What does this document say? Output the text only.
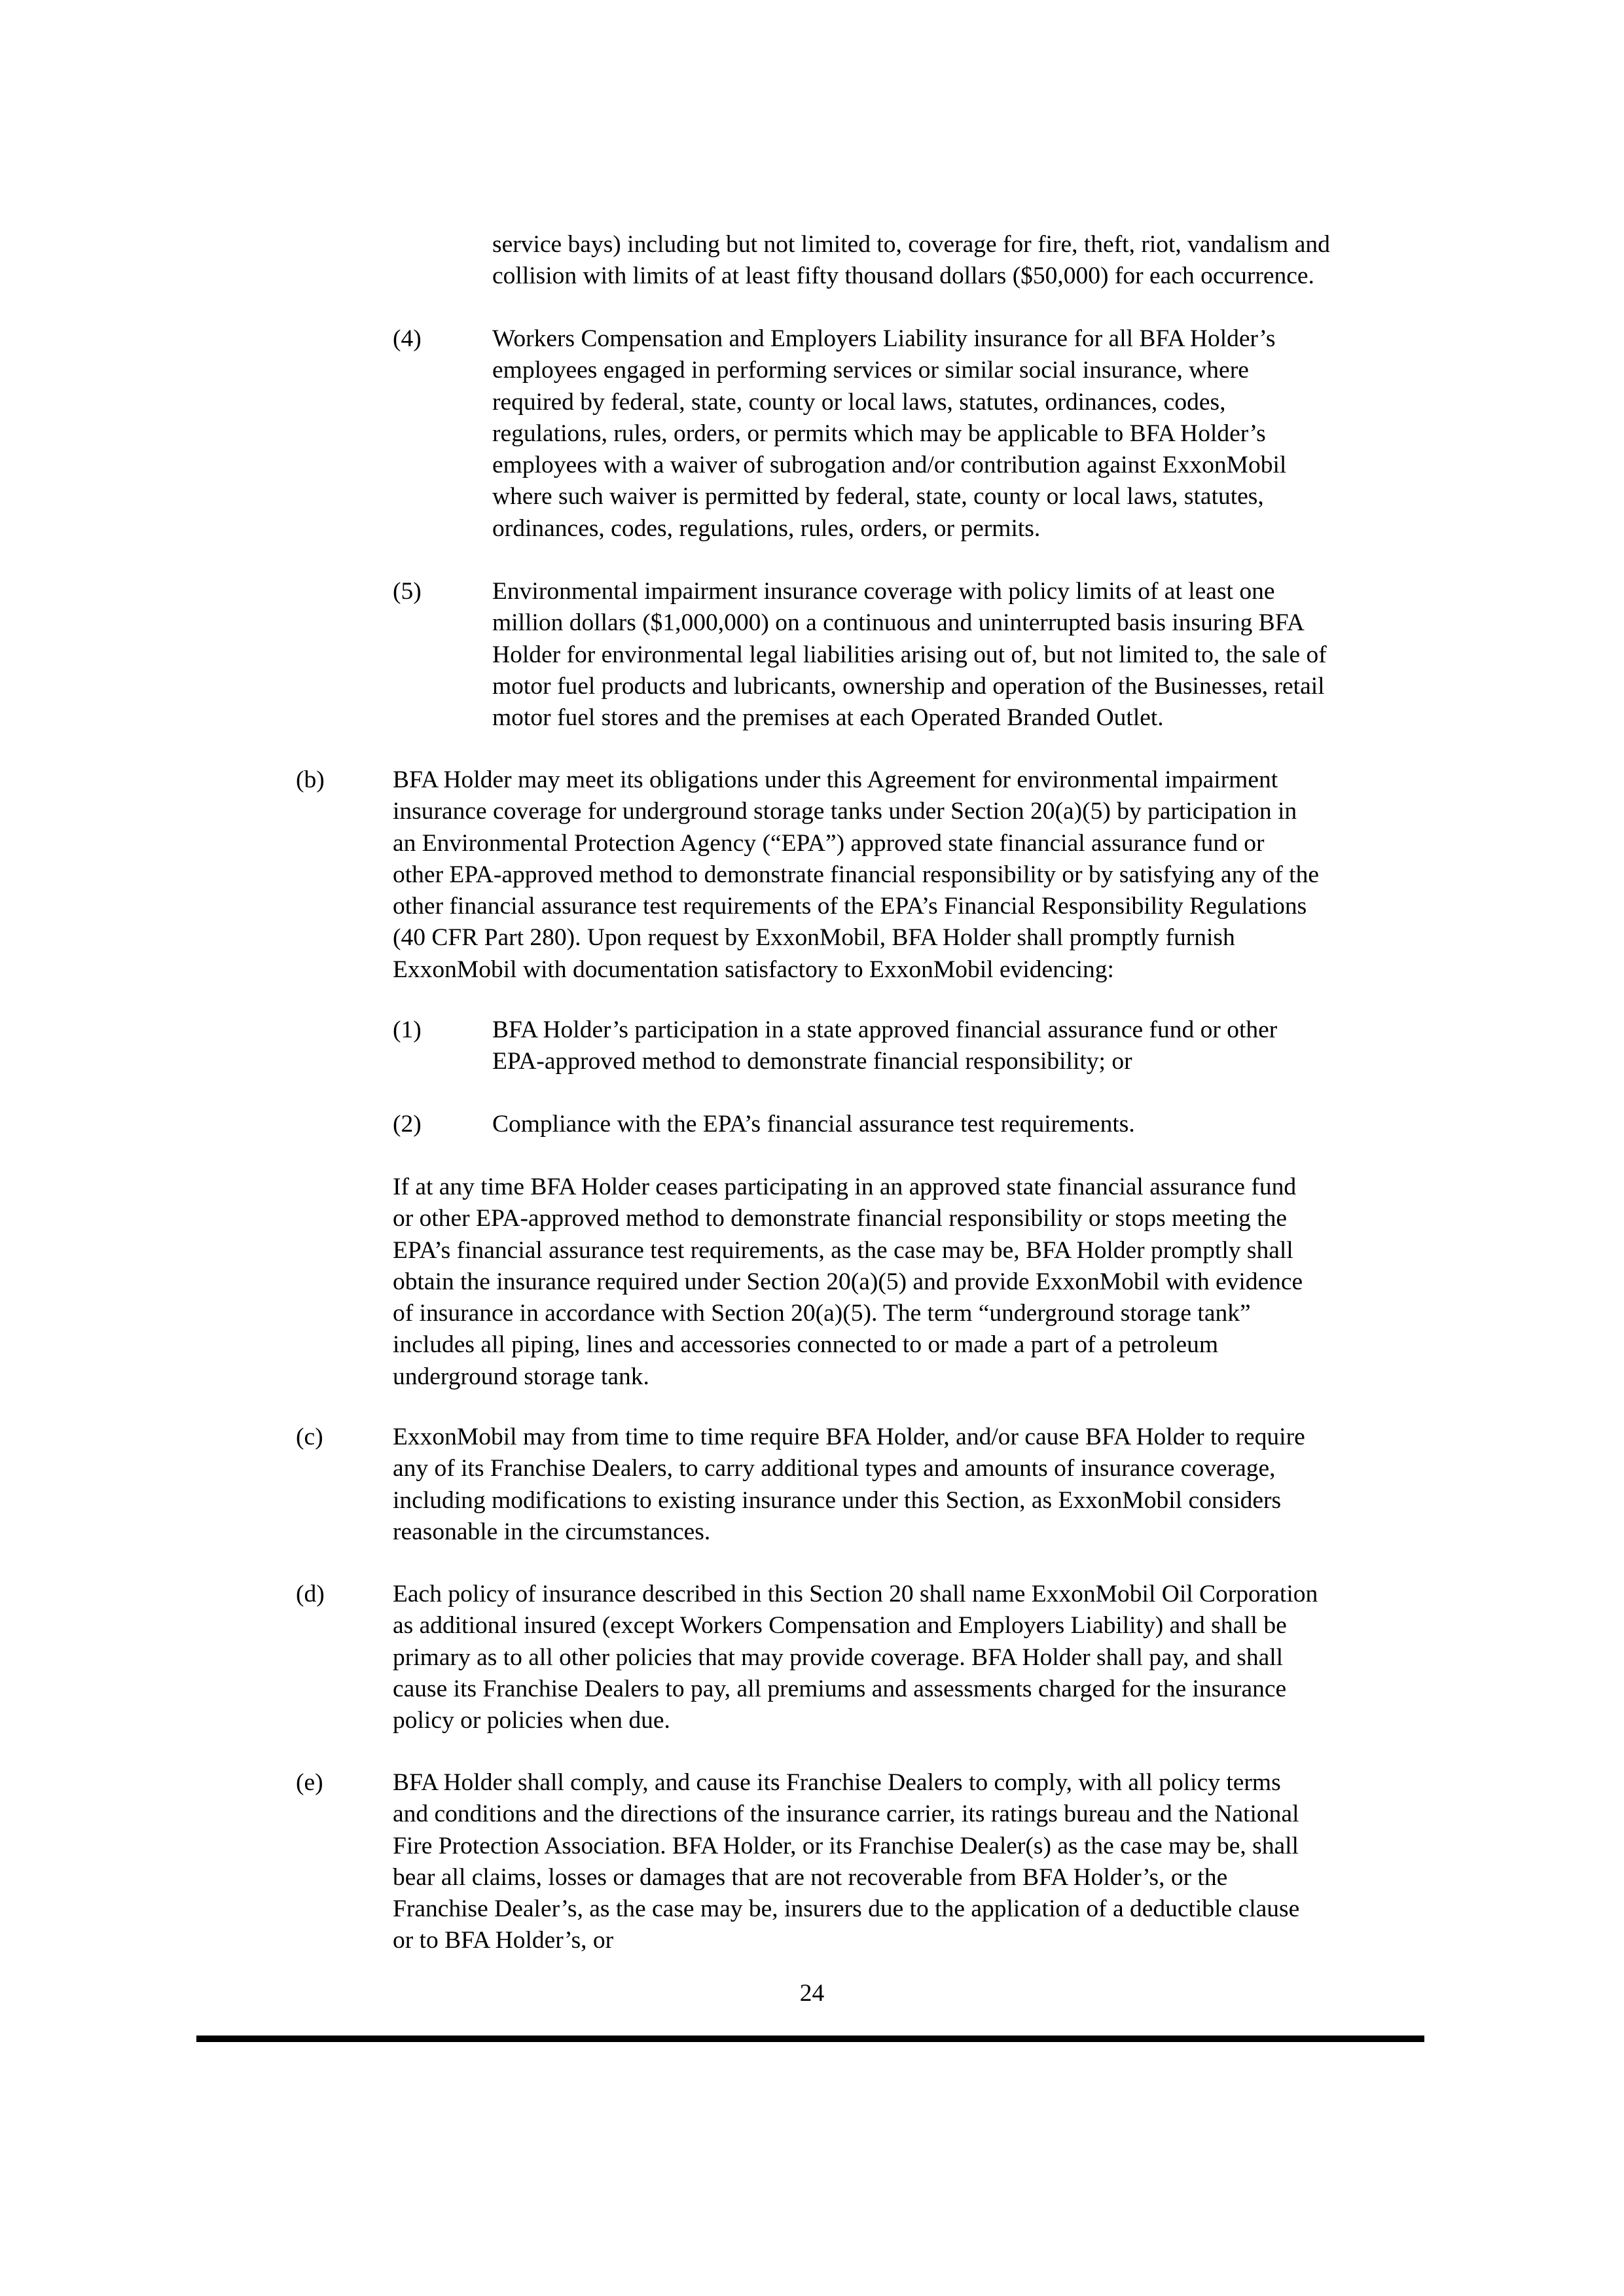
service bays) including but not limited to, coverage for fire, theft, riot, vandalism and
collision with limits of at least fifty thousand dollars ($50,000) for each occurrence.
(4)	Workers Compensation and Employers Liability insurance for all BFA Holder’s
employees engaged in performing services or similar social insurance, where
required by federal, state, county or local laws, statutes, ordinances, codes,
regulations, rules, orders, or permits which may be applicable to BFA Holder’s
employees with a waiver of subrogation and/or contribution against ExxonMobil
where such waiver is permitted by federal, state, county or local laws, statutes,
ordinances, codes, regulations, rules, orders, or permits.
(5)	Environmental impairment insurance coverage with policy limits of at least one
million dollars ($1,000,000) on a continuous and uninterrupted basis insuring BFA
Holder for environmental legal liabilities arising out of, but not limited to, the sale of
motor fuel products and lubricants, ownership and operation of the Businesses, retail
motor fuel stores and the premises at each Operated Branded Outlet.
(b)	BFA Holder may meet its obligations under this Agreement for environmental impairment
insurance coverage for underground storage tanks under Section 20(a)(5) by participation in
an Environmental Protection Agency (“EPA”) approved state financial assurance fund or
other EPA-approved method to demonstrate financial responsibility or by satisfying any of the
other financial assurance test requirements of the EPA’s Financial Responsibility Regulations
(40 CFR Part 280). Upon request by ExxonMobil, BFA Holder shall promptly furnish
ExxonMobil with documentation satisfactory to ExxonMobil evidencing:
(1)	BFA Holder’s participation in a state approved financial assurance fund or other
EPA-approved method to demonstrate financial responsibility; or
(2)	Compliance with the EPA’s financial assurance test requirements.
If at any time BFA Holder ceases participating in an approved state financial assurance fund
or other EPA-approved method to demonstrate financial responsibility or stops meeting the
EPA’s financial assurance test requirements, as the case may be, BFA Holder promptly shall
obtain the insurance required under Section 20(a)(5) and provide ExxonMobil with evidence
of insurance in accordance with Section 20(a)(5). The term “underground storage tank”
includes all piping, lines and accessories connected to or made a part of a petroleum
underground storage tank.
(c)	ExxonMobil may from time to time require BFA Holder, and/or cause BFA Holder to require
any of its Franchise Dealers, to carry additional types and amounts of insurance coverage,
including modifications to existing insurance under this Section, as ExxonMobil considers
reasonable in the circumstances.
(d)	Each policy of insurance described in this Section 20 shall name ExxonMobil Oil Corporation
as additional insured (except Workers Compensation and Employers Liability) and shall be
primary as to all other policies that may provide coverage. BFA Holder shall pay, and shall
cause its Franchise Dealers to pay, all premiums and assessments charged for the insurance
policy or policies when due.
(e)	BFA Holder shall comply, and cause its Franchise Dealers to comply, with all policy terms
and conditions and the directions of the insurance carrier, its ratings bureau and the National
Fire Protection Association. BFA Holder, or its Franchise Dealer(s) as the case may be, shall
bear all claims, losses or damages that are not recoverable from BFA Holder’s, or the
Franchise Dealer’s, as the case may be, insurers due to the application of a deductible clause
or to BFA Holder’s, or
24
